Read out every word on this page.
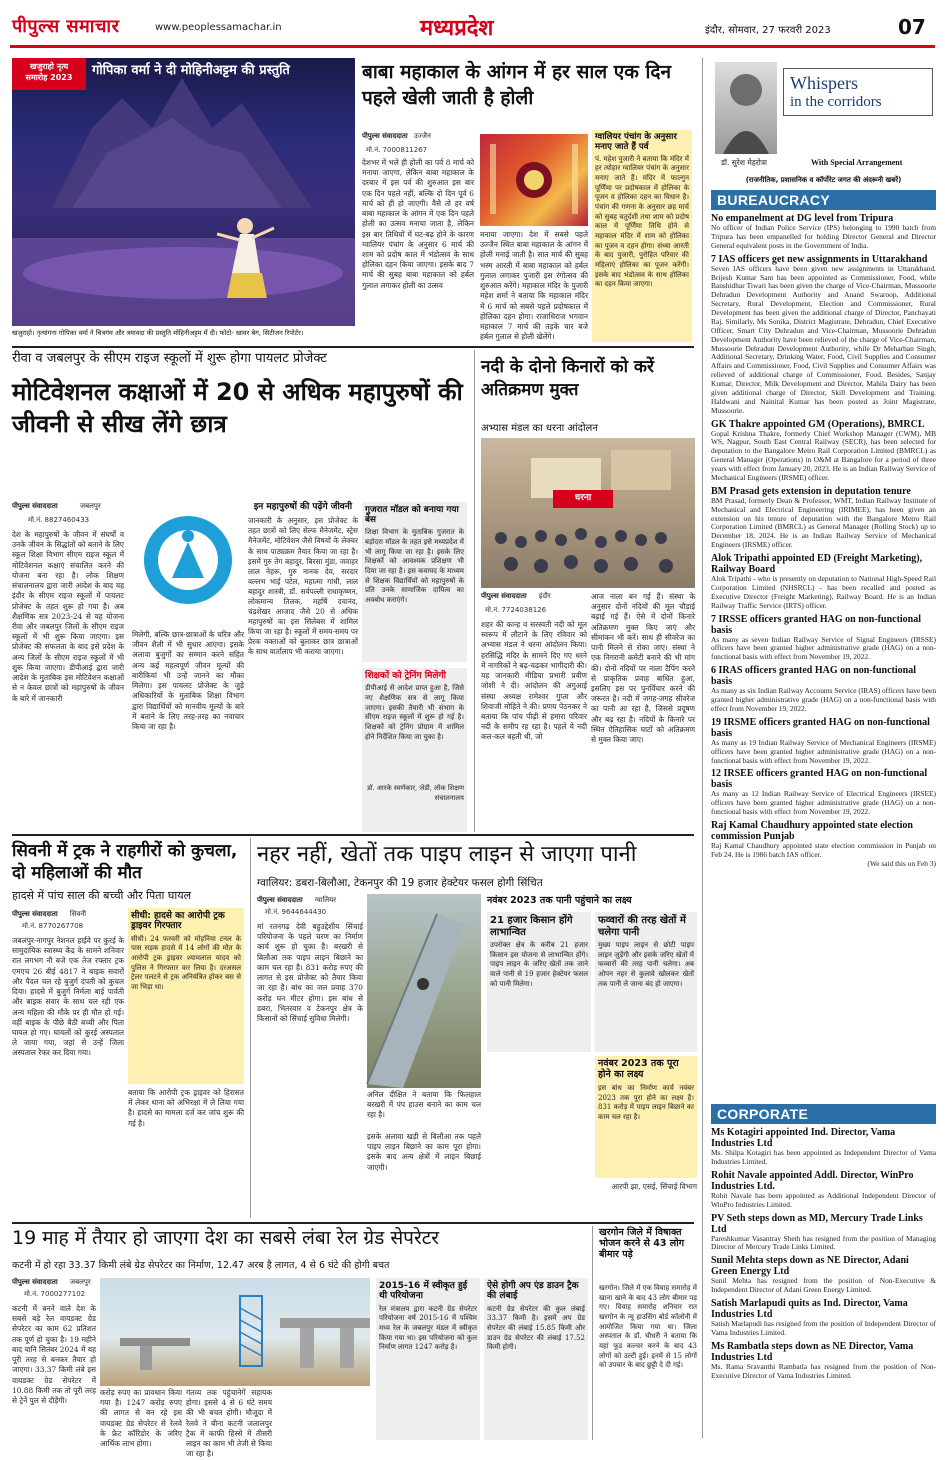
पीपुल्स समाचार	www.peoplessamachar.in	मध्यप्रदेश	इंदौर, सोमवार, 27 फरवरी 2023	07
खजुराहो नृत्य
समारोह 2023	गोपिका वर्मा ने दी मोहिनीअट्टम की प्रस्तुति
खजुराहो। नृत्यांगना गोपिका वर्मा ने चित्रगंम और त्रयावदा की प्रस्तुति मोहिनीअट्टम में दी। फोटो- खावर बेग, सिटीजन रिपोर्टर।
बाबा महाकाल के आंगन में हर साल एक दिन पहले खेली जाती है होली
पीपुल्स संवाददाता उज्जैन
मो.नं. 7000811267
देशभर में भले ही होली का पर्व 8 मार्च को मनाया जाएगा, लेकिन बाबा महाकाल के दरबार में इस पर्व की शुरुआत इस बार एक दिन पहले नहीं, बल्कि दो दिन पूर्व 6 मार्च को ही हो जाएगी। वैसे तो हर वर्ष बाबा महाकाल के आंगन में एक दिन पहले होली का उत्सव मनाया जाता है, लेकिन इस बार तिथियों में घट-बढ़ होने के कारण ग्वालियर पंचांग के अनुसार 6 मार्च की शाम को प्रदोष काल में भंडोत्सव के साथ होलिका दहन किया जाएगा। इसके बाद 7 मार्च की सुबह बाबा महाकाल को हर्बल गुलाल लगाकर होली का उत्सव
मनाया जाएगा। देश में सबसे पहले उज्जैन स्थित बाबा महाकाल के आंगन में होली मनाई जाती है। सात मार्च की सुबह भस्म आरती में बाबा महाकाल को हर्बल गुलाल लगाकर पुजारी इस रंगोत्सव की शुरुआत करेंगे। महाकाल मंदिर के पुजारी महेश शर्मा ने बताया कि महाकाल मंदिर में 6 मार्च को सबसे पहले प्रदोषकाल में होलिका दहन होगा। राजाधिराज भगवान महाकाल 7 मार्च की तड़के चार बजे हर्बल गुलाल से होली खेलेंगे।
ग्वालियर पंचांग के अनुसार मनाए जाते हैं पर्व
पं. महेश पुजारी ने बताया कि मंदिर में हर त्योहार ग्वालियर पंचांग के अनुसार मनाए जाते हैं। मंदिर में फाल्गुन पूर्णिमा पर प्रदोषकाल में होलिका के पूजन व होलिका दहन का विधान है। पंचांग की गणना के अनुसार छह मार्च को सुबह चतुर्दशी तथा शाम को प्रदोष काल में पूर्णिमा तिथि होने से महाकाल मंदिर में शाम को होलिका का पूजन व दहन होगा। संध्या आरती के बाद पुजारी, पुरोहित परिवार की महिलाएं होलिका का पूजन करेंगी। इसके बाद भंडोत्सव के साथ होलिका का दहन किया जाएगा।
Whispers
in the corridors
डॉ. सुरेश मेहरोत्रा	With Special Arrangement
(राजनीतिक, प्रशासनिक व कॉर्पोरेट जगत की अंदरूनी खबरें)
BUREAUCRACY
No empanelment at DG level from Tripura
No officer of Indian Police Service (IPS) belonging to 1990 batch from Tripura has been empanelled for holding Director General and Director General equivalent posts in the Government of India.
7 IAS officers get new assignments in Uttarakhand
Seven IAS officers have been given new assignments in Uttarakhand. Brijesh Kumar Sant has been appointed as Commissioner, Food, while Banshidhar Tiwari has been given the charge of Vice-Chairman, Mussoorie Dehradun Development Authority and Anand Swaroop, Additional Secretary, Rural Development, Election and Commissioner, Rural Development has been given the additional charge of Director, Panchayati Raj. Similarly, Ms Sonika, District Magistrate, Dehradun, Chief Executive Officer, Smart City Dehradun and Vice-Chairman, Mussoorie Dehradun Development Authority have been relieved of the charge of Vice-Chairman, Mussoorie Dehradun Development Authority, while Dr Meharban Singh, Additional Secretary, Drinking Water, Food, Civil Supplies and Consumer Affairs and Commissioner, Food, Civil Supplies and Consumer Affairs was relieved of additional charge of Commissioner, Food. Besides, Sanjay Kumar, Director, Milk Development and Director, Mahila Dairy has been given additional charge of Director, Skill Development and Training. Haldwani and Nainital Kumar has been posted as Joint Magistrate, Mussoorie.
GK Thakre appointed GM (Operations), BMRCL
Gopal Krishna Thakre, formerly Chief Workshop Manager (CWM), MB WS, Nagpur, South East Central Railway (SECR), has been selected for deputation to the Bangalore Metro Rail Corporation Limited (BMRCL) as General Manager (Operations) in O&M at Bangalore for a period of three years with effect from January 20, 2023. He is an Indian Railway Service of Mechanical Engineers (IRSME) officer.
BM Prasad gets extension in deputation tenure
BM Prasad, formerly Dean & Professor, WMT, Indian Railway Institute of Mechanical and Electrical Engineering (IRIMEE), has been given an extension on his tenure of deputation with the Bangalore Metro Rail Corporation Limited (BMRCL) as General Manager (Rolling Stock) up to December 18, 2024. He is an Indian Railway Service of Mechanical Engineers (IRSME) officer.
Alok Tripathi appointed ED (Freight Marketing), Railway Board
Alok Tripathi - who is presently on deputation to National High-Speed Rail Corporation Limited (NHSRCL) - has been recalled and posted as Executive Director (Freight Marketing), Railway Board. He is an Indian Railway Traffic Service (IRTS) officer.
7 IRSSE officers granted HAG on non-functional basis
As many as seven Indian Railway Service of Signal Engineers (IRSSE) officers have been granted higher administrative grade (HAG) on a non-functional basis with effect from November 19, 2022.
6 IRAS officers granted HAG on non-functional basis
As many as six Indian Railway Accounts Service (IRAS) officers have been granted higher administrative grade (HAG) on a non-functional basis with effect from November 19, 2022.
19 IRSME officers granted HAG on non-functional basis
As many as 19 Indian Railway Service of Mechanical Engineers (IRSME) officers have been granted higher administrative grade (HAG) on a non-functional basis with effect from November 19, 2022.
12 IRSEE officers granted HAG on non-functional basis
As many as 12 Indian Railway Service of Electrical Engineers (IRSEE) officers have been granted higher administrative grade (HAG) on a non-functional basis with effect from November 19, 2022.
Raj Kamal Chaudhury appointed state election commission Punjab
Raj Kamal Chaudhury appointed state election commission in Punjab on Feb 24. He is 1986 batch IAS officer.
(We said this on Feb 3)
CORPORATE
Ms Kotagiri appointed Ind. Director, Vama Industries Ltd
Ms. Shilpa Kotagiri has been appointed as Independent Director of Vama Industries Limited.
Rohit Navale appointed Addl. Director, WinPro Industries Ltd.
Rohit Navale has been appointed as Additional Independent Director of WinPro Industries Limited.
PV Seth steps down as MD, Mercury Trade Links Ltd
Pareshkumar Vasantray Sheth has resigned from the position of Managing Director of Mercury Trade Links Limited.
Sunil Mehta steps down as NE Director, Adani Green Energy Ltd
Sunil Mehta has resigned from the position of Non-Executive & Independent Director of Adani Green Energy Limited.
Satish Marlapudi quits as Ind. Director, Vama Industries Ltd
Satish Marlapudi has resigned from the position of Independent Director of Vama Industries Limited.
Ms Rambatla steps down as NE Director, Vama Industries Ltd
Ms. Rama Sravanthi Rambatla has resigned from the position of Non-Executive Director of Vama Industries Limited.
रीवा व जबलपुर के सीएम राइज स्कूलों में शुरू होगा पायलट प्रोजेक्ट
मोटिवेशनल कक्षाओं में 20 से अधिक महापुरुषों की जीवनी से सीख लेंगे छात्र
पीपुल्स संवाददाता	जबलपुर
मो.नं. 8827460433
देश के महापुरुषों के जीवन में संघर्षों व उनके जीवन के सिद्धांतों को बताने के लिए स्कूल शिक्षा विभाग सीएम राइज स्कूल में मोटिवेशनल कक्षाएं संचालित करने की योजना बना रहा है। लोक शिक्षण संचालनालय द्वारा जारी आदेश के बाद यह इंदौर के सीएम राइज स्कूलों में पायलट प्रोजेक्ट के तहत शुरू हो गया है। अब शैक्षणिक सत्र 2023-24 से यह योजना रीवा और जबलपुर जिलों के सीएम राइज स्कूलों में भी शुरू किया जाएगा। इस प्रोजेक्ट की सफलता के बाद इसे प्रदेश के अन्य जिलों के सीएम राइज स्कूलों में भी शुरू किया जाएगा। डीपीआई द्वारा जारी आदेश के मुताबिक इस मोटिवेशन कक्षाओं से न केवल छात्रों को महापुरुषों के जीवन के बारे में जानकारी
मिलेगी, बल्कि छात्र-छात्राओं के चरित्र और जीवन शैली में भी सुधार आएगा। इसके अलावा बुजुर्गों का सम्मान करने सहित अन्य कई महत्वपूर्ण जीवन मूल्यों की बारीकियां भी उन्हें जानने का मौका मिलेगा। इस पायलट प्रोजेक्ट के जुड़े अधिकारियों के मुताबिक शिक्षा विभाग द्वारा विद्यार्थियों को मानवीय मूल्यों के बारे में बताने के लिए तरह-तरह का नवाचार किया जा रहा है।
इन महापुरुषों की पढ़ेंगे जीवनी
जानकारी के अनुसार, इस प्रोजेक्ट के तहत छात्रों को लिए सेल्फ मैनेजमेंट, स्ट्रेस मैनेजमेंट, मोटिवेशन जैसे विषयों के लेक्चर के साथ पाठ्यक्रम तैयार किया जा रहा है। इसमें गुरु तेग बहादुर, बिरसा मुंडा, जवाहर लाल नेहरू, गुरु नानक देव, सरदार वल्लभ भाई पटेल, महात्मा गांधी, लाल बहादुर शास्त्री, डॉ. सर्वपल्ली राधाकृष्णन, लोकमान्य तिलक, महर्षि दयानंद, चंद्रशेखर आजाद जैसे 20 से अधिक महापुरुषों का इस सिलेबस में शामिल किया जा रहा है। स्कूलों में समय-समय पर प्रेरक वक्ताओं को बुलाकर छात्र छात्राओं के साथ वार्तालाप भी कराया जाएगा।
गुजरात मॉडल को बनाया गया बेस
शिक्षा विभाग के मुताबिक गुजरात के बड़ोदरा मॉडल के तहत इसे मध्यप्रदेश में भी लागू किया जा रहा है। इसके लिए शिक्षकों को आवश्यक प्रशिक्षण भी दिया जा रहा है। इस कवायद के माध्यम से शिक्षक विद्यार्थियों को महापुरुषों के प्रति उनके सामाजिक दायित्व का अवबोध कराएंगे।
शिक्षकों को ट्रेनिंग मिलेगी
डीपीआई से आदेश प्राप्त हुआ है, जिसे नए शैक्षणिक सत्र से लागू किया जाएगा। इसकी तैयारी भी संभाग के सीएम राइज स्कूलों में शुरू हो गई है। शिक्षकों को ट्रेनिंग प्रोग्राम में शामिल होने निर्देशित किया जा चुका है।
डॉ. आरके स्वर्णकार, जेडी, लोक शिक्षण संचालनालय
नदी के दोनो किनारों को करें अतिक्रमण मुक्त
अभ्यास मंडल का धरना आंदोलन
धरना
पीपुल्स संवाददाता इंदौर
मो.नं. 7724038126
शहर की कान्ह व सरस्वती नदी को मूल स्वरूप में लौटाने के लिए रविवार को अभ्यास मंडल ने धरना आंदोलन किया। हरसिद्धि मंदिर के सामने दिए गए धरने में नागरिकों ने बढ़-चढ़कर भागीदारी की। यह जानकारी मीडिया प्रभारी प्रवीण जोशी ने दी। आंदोलन की अगुआई संस्था अध्यक्ष रामेश्वर गुप्ता और शिवाजी मोहिते ने की। प्रणय पेठनकर ने बताया कि पांच पीढ़ी से हमारा परिवार नदी के समीप रह रहा है। पहले ये नदी कल-कल बहती थी, जो
आज नाला बन गई हैं। संस्था के अनुसार दोनों नदियों की मूल चौड़ाई बढ़ाई गई हैं। ऐसे में दोनों किनारे अतिक्रमण मुक्त किए जाएं और सीमांकन भी करें। साथ ही सीवरेज का पानी मिलने से रोका जाए। संस्था ने एक निगरानी कमेटी बनाने की भी मांग की। दोनों नदियों पर नाला टैपिंग करने से प्राकृतिक प्रवाह बाधित हुआ, इसलिए इस पर पुनर्विचार करने की जरूरत है। नदी में जगह-जगह सीवरेज का पानी आ रहा है, जिससे प्रदूषण और बढ़ रहा है। नदियों के किनारे पर स्थित ऐतिहासिक घाटों को अतिक्रमण से मुक्त किया जाए।
सिवनी में ट्रक ने राहगीरों को कुचला, दो महिलाओं की मौत
हादसे में पांच साल की बच्ची और पिता घायल
पीपुल्स संवाददाता सिवनी
मो.नं. 8770267708
जबलपुर-नागपुर नेशनल हाईवे पर कुरई के सामुदायिक स्वास्थ्य केंद्र के सामने शनिवार रात लगभग नौ बजे एक तेज रफ्तार ट्रक एमएच 26 बीई 4817 ने बाइक सवारों और पैदल चल रहे बुजुर्ग दंपती को कुचल दिया। हादसे में बुजुर्ग निर्मला बाई पार्वती और बाइक सवार के साथ चल रही एक अन्य महिला की मौके पर ही मौत हो गई। वहीं बाइक के पीछे बैठी बच्ची और पिता घायल हो गए। घायलों को कुरई अस्पताल ले जाया गया, जहां से उन्हें जिला अस्पताल रेफर कर दिया गया।
सीधी: हादसे का आरोपी ट्रक ड्राइवर गिरफ्तार
सीधी। 24 फरवरी को मोहनिया टनल के पास सड़क हादसे में 14 लोगों की मौत के आरोपी ट्रक ड्राइवर श्यामलाल यादव को पुलिस ने गिरफ्तार कर लिया है। दरअसल ट्रेलर पलटने से ट्रक अनियंत्रित होकर बस से जा भिड़ा था।
बताया कि आरोपी ट्रक ड्राइवर को हिरासत में लेकर थाना को अभिरक्षा में ले लिया गया है। हादसे का मामला दर्ज कर जांच शुरू की गई है।
नहर नहीं, खेतों तक पाइप लाइन से जाएगा पानी
ग्वालियर: डबरा-बिलौआ, टेकनपुर की 19 हजार हेक्टेयर फसल होगी सिंचित
पीपुल्स संवाददाता ग्वालियर
मो.नं. 9644644430
मां रतनगढ़ देवी बहुउद्देशीय सिंचाई परियोजना के पहले चरण का निर्माण कार्य शुरू हो चुका है। बरखरी से बिलौआ तक पाइप लाइन बिछाने का काम चल रहा है। 831 करोड़ रुपए की लागत से इस प्रोजेक्ट को तैयार किया जा रहा है। बांध का जल प्रवाह 370 करोड़ घन मीटर होगा। इस बांध से डबरा, भितरवार व टेकनपुर क्षेत्र के किसानों को सिंचाई सुविधा मिलेगी।
अनिल दीक्षित ने बताया कि फिलहाल बरखरी में पंप हाउस बनाने का काम चल रहा है।
इसके अलावा खड़ी से बिलौआ तक पहले पाइप लाइन बिछाने का काम पूरा होगा। इसके बाद अन्य क्षेत्रों में लाइन बिछाई जाएगी।
नवंबर 2023 तक पानी पहुंचाने का लक्ष्य
21 हजार किसान होंगे लाभान्वित
उपरोक्त क्षेत्र के करीब 21 हजार किसान इस योजना से लाभान्वित होंगे। पाइप लाइन के जरिए खेतों तक जाने वाले पानी से 19 हजार हेक्टेयर फसल को पानी मिलेगा।
फव्वारों की तरह खेतों में चलेगा पानी
मुख्य पाइप लाइन से छोटी पाइप लाइन जुड़ेंगी और इसके जरिए खेतों में फव्वारों की तरह पानी चलेगा। अब ओपन नहर से कुलावे खोलकर खेतों तक पानी ले जाना बंद हो जाएगा।
नवंबर 2023 तक पूरा होने का लक्ष्य
इस बांध का निर्माण कार्य नवंबर 2023 तक पूरा होने का लक्ष्य है। 831 करोड़ में पाइप लाइन बिछाने का काम चल रहा है।
आरपी झा, एसई, सिंचाई विभाग
19 माह में तैयार हो जाएगा देश का सबसे लंबा रेल ग्रेड सेपरेटर
कटनी में हो रहा 33.37 किमी लंबे ग्रेड सेपरेटर का निर्माण, 12.47 अरब है लागत, 4 से 6 घंटे की होगी बचत
पीपुल्स संवाददाता जबलपुर
मो.नं. 7000277102
कटनी में बनने वाले देश के सबसे बड़े रेल वायडक्ट ग्रेड सेपरेटर का काम 62 प्रतिशत तक पूर्ण हो चुका है। 19 महीने बाद यानि सितंबर 2024 में यह पूरी तरह से बनकर तैयार हो जाएगा। 33.37 किमी लंबे इस वायडक्ट ग्रेड सेपरेटर में 10.88 किमी तक तो पूरी तरह से ट्रेनें पुल से दौड़ेंगी।
करोड़ रुपए का प्रावधान किया गया है। 1247 करोड़ रुपए की लागत से बन रहे इस वायडक्ट ग्रेड सेपरेटर से रेलवे के फ्रेट कॉरिडोर के जरिए आर्थिक लाभ होगा।
गंतव्य तक पहुंचानेगें सहायक होगा। इससे 4 से 6 घंटे समय की भी बचत होगी। मौजूदा में रेलवे ने बीना कटनी जलालपुर ट्रैक में काफी हिस्से में तीसरी लाइन का काम भी तेजी से किया जा रहा है।
2015-16 में स्वीकृत हुई थी परियोजना
रेल मंत्रालय द्वारा कटनी ग्रेड सेपरेटर परियोजना वर्ष 2015-16 में पश्चिम मध्य रेल के जबलपुर मंडल में स्वीकृत किया गया था। इस परियोजना को कुल निर्माण लागत 1247 करोड़ है।
ऐसे होगी अप एंड डाउन ट्रैक की लंबाई
कटनी ग्रेड सेपरेटर की कुल लंबाई 33.37 किमी है। इसमें अप ग्रेड सेपरेटर की लंबाई 15.85 किमी और डाउन ग्रेड सेपरेटर की लंबाई 17.52 किमी होगी।
खरगोन जिले में विषाक्त भोजन करने से 43 लोग बीमार पड़े
खरगोन। जिले में एक विवाह समारोह में खाना खाने के बाद 43 लोग बीमार पड़ गए। विवाह समारोह शनिवार रात खरगोन के न्यू हाउसिंग बोर्ड कॉलोनी में आयोजित किया गया था। जिला अस्पताल के डॉ. चौधरी ने बताया कि यहां फूड कल्चर करने के बाद 43 लोगों को उल्टी हुई। इनमें से 15 लोगों को उपचार के बाद छुट्टी दे दी गई।
